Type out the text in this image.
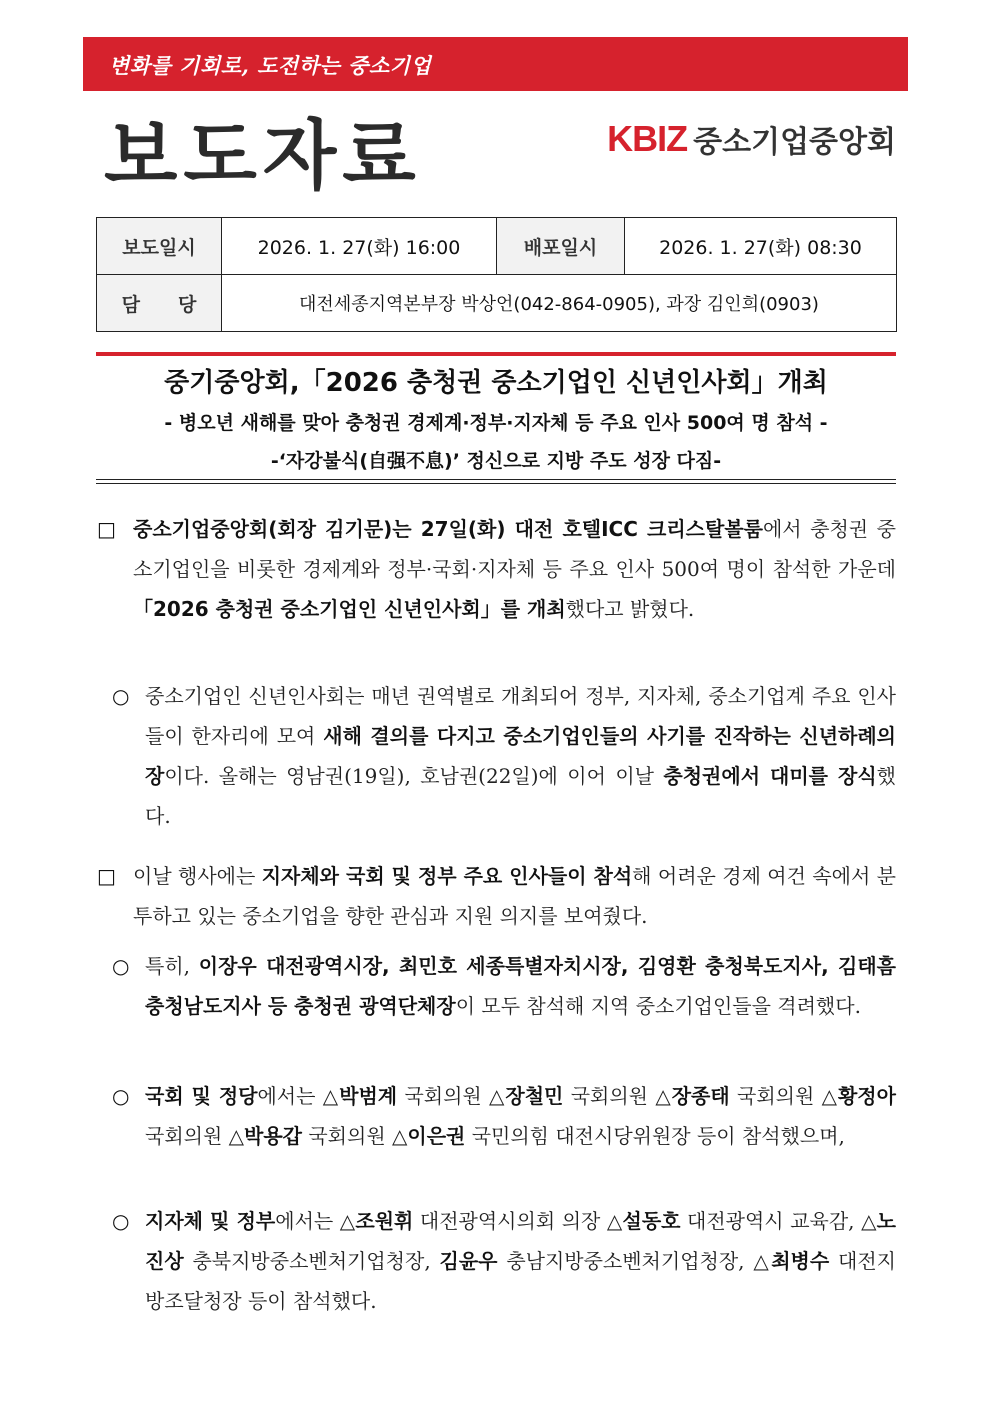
변화를 기회로, 도전하는 중소기업
보도자료	KBIZ 중소기업중앙회
보도일시	2026. 1. 27(화) 16:00	배포일시	2026. 1. 27(화) 08:30
담　　당	대전세종지역본부장 박상언(042-864-0905), 과장 김인희(0903)		
중기중앙회,「2026 충청권 중소기업인 신년인사회」개최
- 병오년 새해를 맞아 충청권 경제계·정부·지자체 등 주요 인사 500여 명 참석 -
-‘자강불식(自强不息)’ 정신으로 지방 주도 성장 다짐-
□ 중소기업중앙회(회장 김기문)는 27일(화) 대전 호텔ICC 크리스탈볼룸에서 충청권 중소기업인을 비롯한 경제계와 정부·국회·지자체 등 주요 인사 500여 명이 참석한 가운데 「2026 충청권 중소기업인 신년인사회」를 개최했다고 밝혔다.
○ 중소기업인 신년인사회는 매년 권역별로 개최되어 정부, 지자체, 중소기업계 주요 인사들이 한자리에 모여 새해 결의를 다지고 중소기업인들의 사기를 진작하는 신년하례의 장이다. 올해는 영남권(19일), 호남권(22일)에 이어 이날 충청권에서 대미를 장식했다.
□ 이날 행사에는 지자체와 국회 및 정부 주요 인사들이 참석해 어려운 경제 여건 속에서 분투하고 있는 중소기업을 향한 관심과 지원 의지를 보여줬다.
○ 특히, 이장우 대전광역시장, 최민호 세종특별자치시장, 김영환 충청북도지사, 김태흠 충청남도지사 등 충청권 광역단체장이 모두 참석해 지역 중소기업인들을 격려했다.
○ 국회 및 정당에서는 △박범계 국회의원 △장철민 국회의원 △장종태 국회의원 △황정아 국회의원 △박용갑 국회의원 △이은권 국민의힘 대전시당위원장 등이 참석했으며,
○ 지자체 및 정부에서는 △조원휘 대전광역시의회 의장 △설동호 대전광역시 교육감, △노진상 충북지방중소벤처기업청장, 김윤우 충남지방중소벤처기업청장, △최병수 대전지방조달청장 등이 참석했다.
